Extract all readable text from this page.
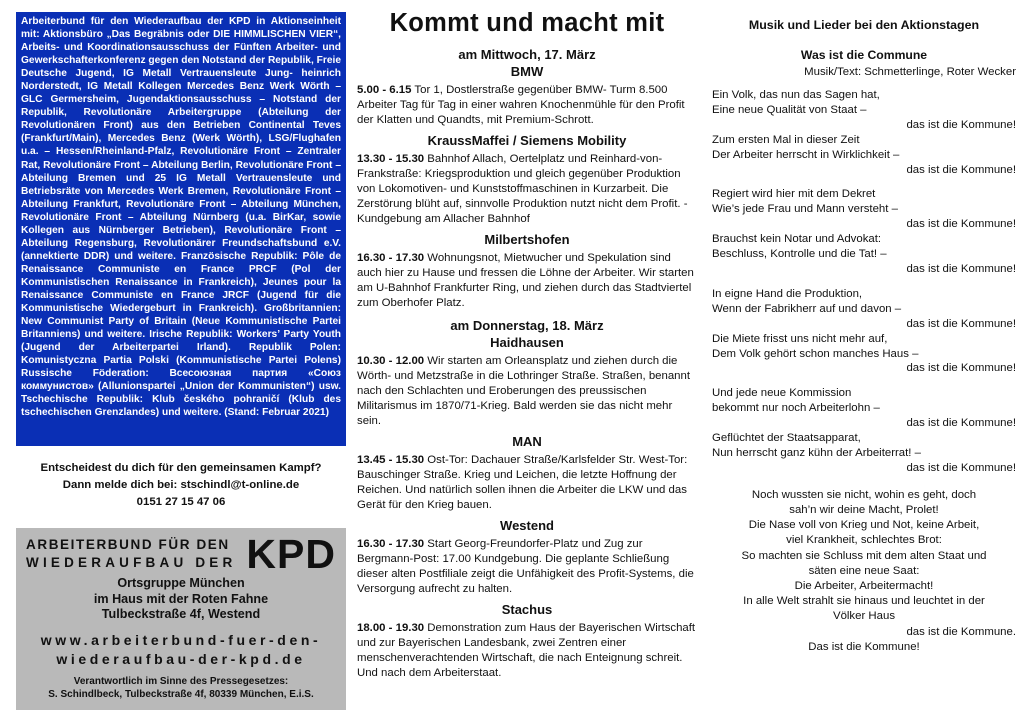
Arbeiterbund für den Wiederaufbau der KPD in Aktionseinheit mit: Aktionsbüro „Das Begräbnis oder DIE HIMMLISCHEN VIER“, Arbeits- und Koordinationsausschuss der Fünften Arbeiter- und Gewerkschafterkonferenz gegen den Notstand der Republik, Freie Deutsche Jugend, IG Metall Vertrauensleute Jung- heinrich Norderstedt, IG Metall Kollegen Mercedes Benz Werk Wörth – GLC Germersheim, Jugendaktionsausschuss – Notstand der Republik, Revolutionäre Arbeitergruppe (Abteilung der Revolutionären Front) aus den Betrieben Continental Teves (Frankfurt/Main), Mercedes Benz (Werk Wörth), LSG/Flughafen u.a. – Hessen/Rheinland-Pfalz, Revolutionäre Front – Zentraler Rat, Revolutionäre Front – Abteilung Berlin, Revolutionäre Front – Abteilung Bremen und 25 IG Metall Vertrauensleute und Betriebsräte von Mercedes Werk Bremen, Revolutionäre Front – Abteilung Frankfurt, Revolutionäre Front – Abteilung München, Revolutionäre Front – Abteilung Nürnberg (u.a. BirKar, sowie Kollegen aus Nürnberger Betrieben), Revolutionäre Front – Abteilung Regensburg, Revolutionärer Freundschaftsbund e.V. (annektierte DDR) und weitere. Französische Republik: Pôle de Renaissance Communiste en France PRCF (Pol der Kommunistischen Renaissance in Frankreich), Jeunes pour la Renaissance Communiste en France JRCF (Jugend für die Kommunistische Wiedergeburt in Frankreich). Großbritannien: New Communist Party of Britain (Neue Kommunistische Partei Britanniens) und weitere. Irische Republik: Workers’ Party Youth (Jugend der Arbeiterpartei Irland). Republik Polen: Komunistyczna Partia Polski (Kommunistische Partei Polens) Russische Föderation: Всесоюзная партия «Союз коммунистов» (Allunionspartei „Union der Kommunisten“) usw. Tschechische Republik: Klub českého pohraničí (Klub des tschechischen Grenzlandes) und weitere. (Stand: Februar 2021)
Entscheidest du dich für den gemeinsamen Kampf?
Dann melde dich bei: stschindl@t-online.de
0151 27 15 47 06
ARBEITERBUND FÜR DEN
WIEDERAUFBAU DER KPD
Ortsgruppe München
im Haus mit der Roten Fahne
Tulbeckstraße 4f, Westend
www.arbeiterbund-fuer-den-
wiederaufbau-der-kpd.de
Verantwortlich im Sinne des Pressegesetzes:
S. Schindlbeck, Tulbeckstraße 4f, 80339 München, E.i.S.
Kommt und macht mit
am Mittwoch, 17. März
BMW
5.00 - 6.15 Tor 1, Dostlerstraße gegenüber BMW- Turm 8.500 Arbeiter Tag für Tag in einer wahren Knochenmühle für den Profit der Klatten und Quandts, mit Premium-Schrott.
KraussMaffei / Siemens Mobility
13.30 - 15.30 Bahnhof Allach, Oertelplatz und Reinhard-von-Frankstraße: Kriegsproduktion und gleich gegenüber Produktion von Lokomotiven- und Kunststoffmaschinen in Kurzarbeit. Die Zerstörung blüht auf, sinnvolle Produktion nutzt nicht dem Profit. - Kundgebung am Allacher Bahnhof
Milbertshofen
16.30 - 17.30 Wohnungsnot, Mietwucher und Spekulation sind auch hier zu Hause und fressen die Löhne der Arbeiter. Wir starten am U-Bahnhof Frankfurter Ring, und ziehen durch das Stadtviertel zum Oberhofer Platz.
am Donnerstag, 18. März
Haidhausen
10.30 - 12.00 Wir starten am Orleansplatz und ziehen durch die Wörth- und Metzstraße in die Lothringer Straße. Straßen, benannt nach den Schlachten und Eroberungen des preussischen Militarismus im 1870/71-Krieg. Bald werden sie das nicht mehr sein.
MAN
13.45 - 15.30 Ost-Tor: Dachauer Straße/Karlsfelder Str. West-Tor: Bauschinger Straße. Krieg und Leichen, die letzte Hoffnung der Reichen. Und natürlich sollen ihnen die Arbeiter die LKW und das Gerät für den Krieg bauen.
Westend
16.30 - 17.30 Start Georg-Freundorfer-Platz und Zug zur Bergmann-Post: 17.00 Kundgebung. Die geplante Schließung dieser alten Postfiliale zeigt die Unfähigkeit des Profit-Systems, die Versorgung aufrecht zu halten.
Stachus
18.00 - 19.30 Demonstration zum Haus der Bayerischen Wirtschaft und zur Bayerischen Landesbank, zwei Zentren einer menschenverachtenden Wirtschaft, die nach Enteignung schreit. Und nach dem Arbeiterstaat.
Musik und Lieder bei den Aktionstagen
Was ist die Commune
Musik/Text: Schmetterlinge, Roter Wecker
Ein Volk, das nun das Sagen hat,
Eine neue Qualität von Staat –
das ist die Kommune!
Zum ersten Mal in dieser Zeit
Der Arbeiter herrscht in Wirklichkeit –
das ist die Kommune!
Regiert wird hier mit dem Dekret
Wie’s jede Frau und Mann versteht –
das ist die Kommune!
Brauchst kein Notar und Advokat:
Beschluss, Kontrolle und die Tat! –
das ist die Kommune!
In eigne Hand die Produktion,
Wenn der Fabrikherr auf und davon –
das ist die Kommune!
Die Miete frisst uns nicht mehr auf,
Dem Volk gehört schon manches Haus –
das ist die Kommune!
Und jede neue Kommission
bekommt nur noch Arbeiterlohn –
das ist die Kommune!
Geflüchtet der Staatsapparat,
Nun herrscht ganz kühn der Arbeiterrat! –
das ist die Kommune!
Noch wussten sie nicht, wohin es geht, doch
sah’n wir deine Macht, Prolet!
Die Nase voll von Krieg und Not, keine Arbeit,
viel Krankheit, schlechtes Brot:
So machten sie Schluss mit dem alten Staat und
säten eine neue Saat:
Die Arbeiter, Arbeitermacht!
In alle Welt strahlt sie hinaus und leuchtet in der
Völker Haus
das ist die Kommune.
Das ist die Kommune!
